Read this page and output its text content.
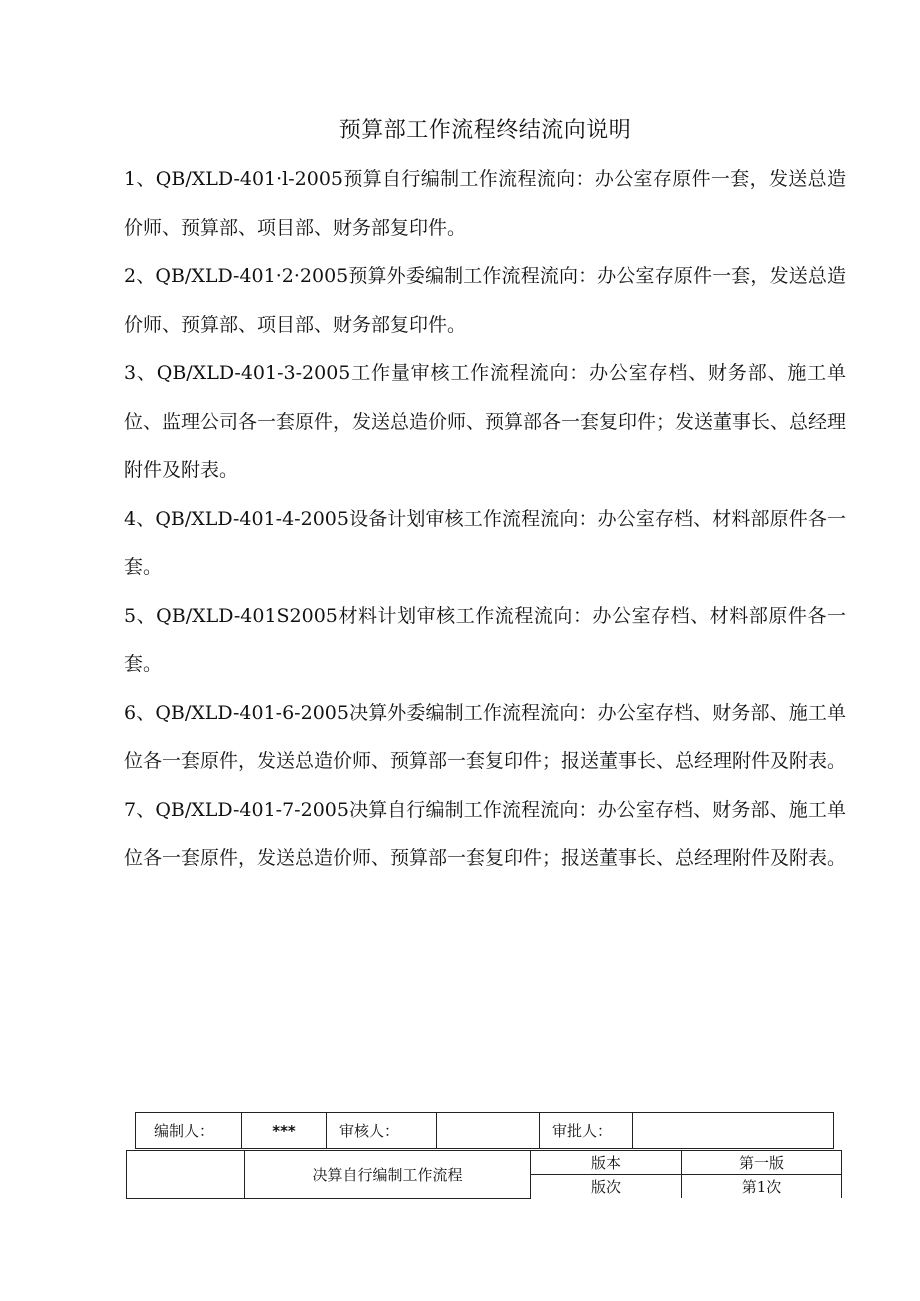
预算部工作流程终结流向说明

1、QB/XLD-401·l-2005预算自行编制工作流程流向：办公室存原件一套，发送总造价师、预算部、项目部、财务部复印件。

2、QB/XLD-401·2·2005预算外委编制工作流程流向：办公室存原件一套，发送总造价师、预算部、项目部、财务部复印件。

3、QB/XLD-401-3-2005工作量审核工作流程流向：办公室存档、财务部、施工单位、监理公司各一套原件，发送总造价师、预算部各一套复印件；发送董事长、总经理附件及附表。

4、QB/XLD-401-4-2005设备计划审核工作流程流向：办公室存档、材料部原件各一套。

5、QB/XLD-401S2005材料计划审核工作流程流向：办公室存档、材料部原件各一套。

6、QB/XLD-401-6-2005决算外委编制工作流程流向：办公室存档、财务部、施工单位各一套原件，发送总造价师、预算部一套复印件；报送董事长、总经理附件及附表。

7、QB/XLD-401-7-2005决算自行编制工作流程流向：办公室存档、财务部、施工单位各一套原件，发送总造价师、预算部一套复印件；报送董事长、总经理附件及附表。

编制人：	***	审核人：		审批人：	
	决算自行编制工作流程	版本	第一版
		版次	第1次
